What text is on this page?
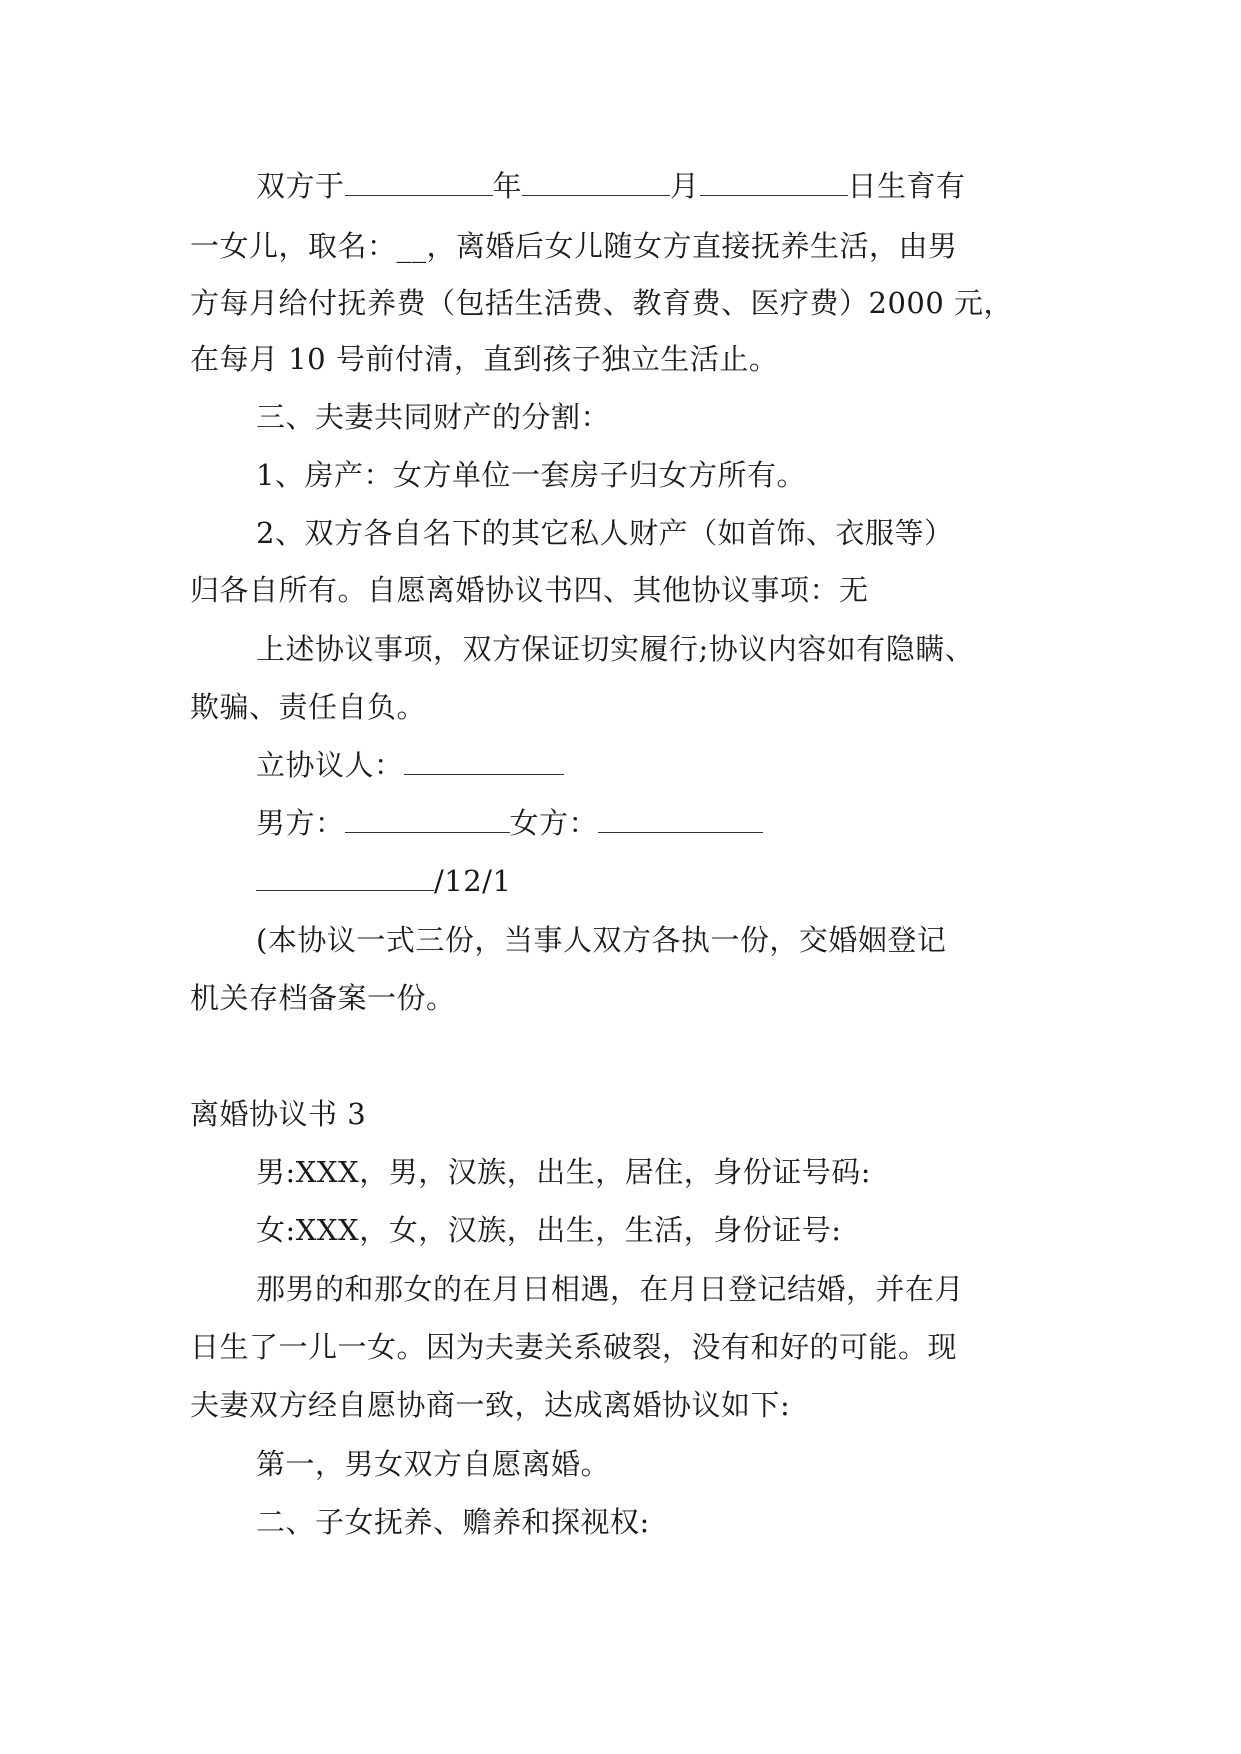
双方于	年	月	日生育有
一女儿，取名：__，离婚后女儿随女方直接抚养生活，由男
方每月给付抚养费（包括生活费、教育费、医疗费）2000 元，
在每月 10 号前付清，直到孩子独立生活止。
三、夫妻共同财产的分割：
1、房产：女方单位一套房子归女方所有。
2、双方各自名下的其它私人财产（如首饰、衣服等）
归各自所有。自愿离婚协议书四、其他协议事项：无
上述协议事项，双方保证切实履行;协议内容如有隐瞒、
欺骗、责任自负。
立协议人：
男方：	女方：
/12/1
(本协议一式三份，当事人双方各执一份，交婚姻登记
机关存档备案一份。
离婚协议书 3
男:XXX，男，汉族，出生，居住，身份证号码:
女:XXX，女，汉族，出生，生活，身份证号:
那男的和那女的在月日相遇，在月日登记结婚，并在月
日生了一儿一女。因为夫妻关系破裂，没有和好的可能。现
夫妻双方经自愿协商一致，达成离婚协议如下:
第一，男女双方自愿离婚。
二、子女抚养、赡养和探视权:
